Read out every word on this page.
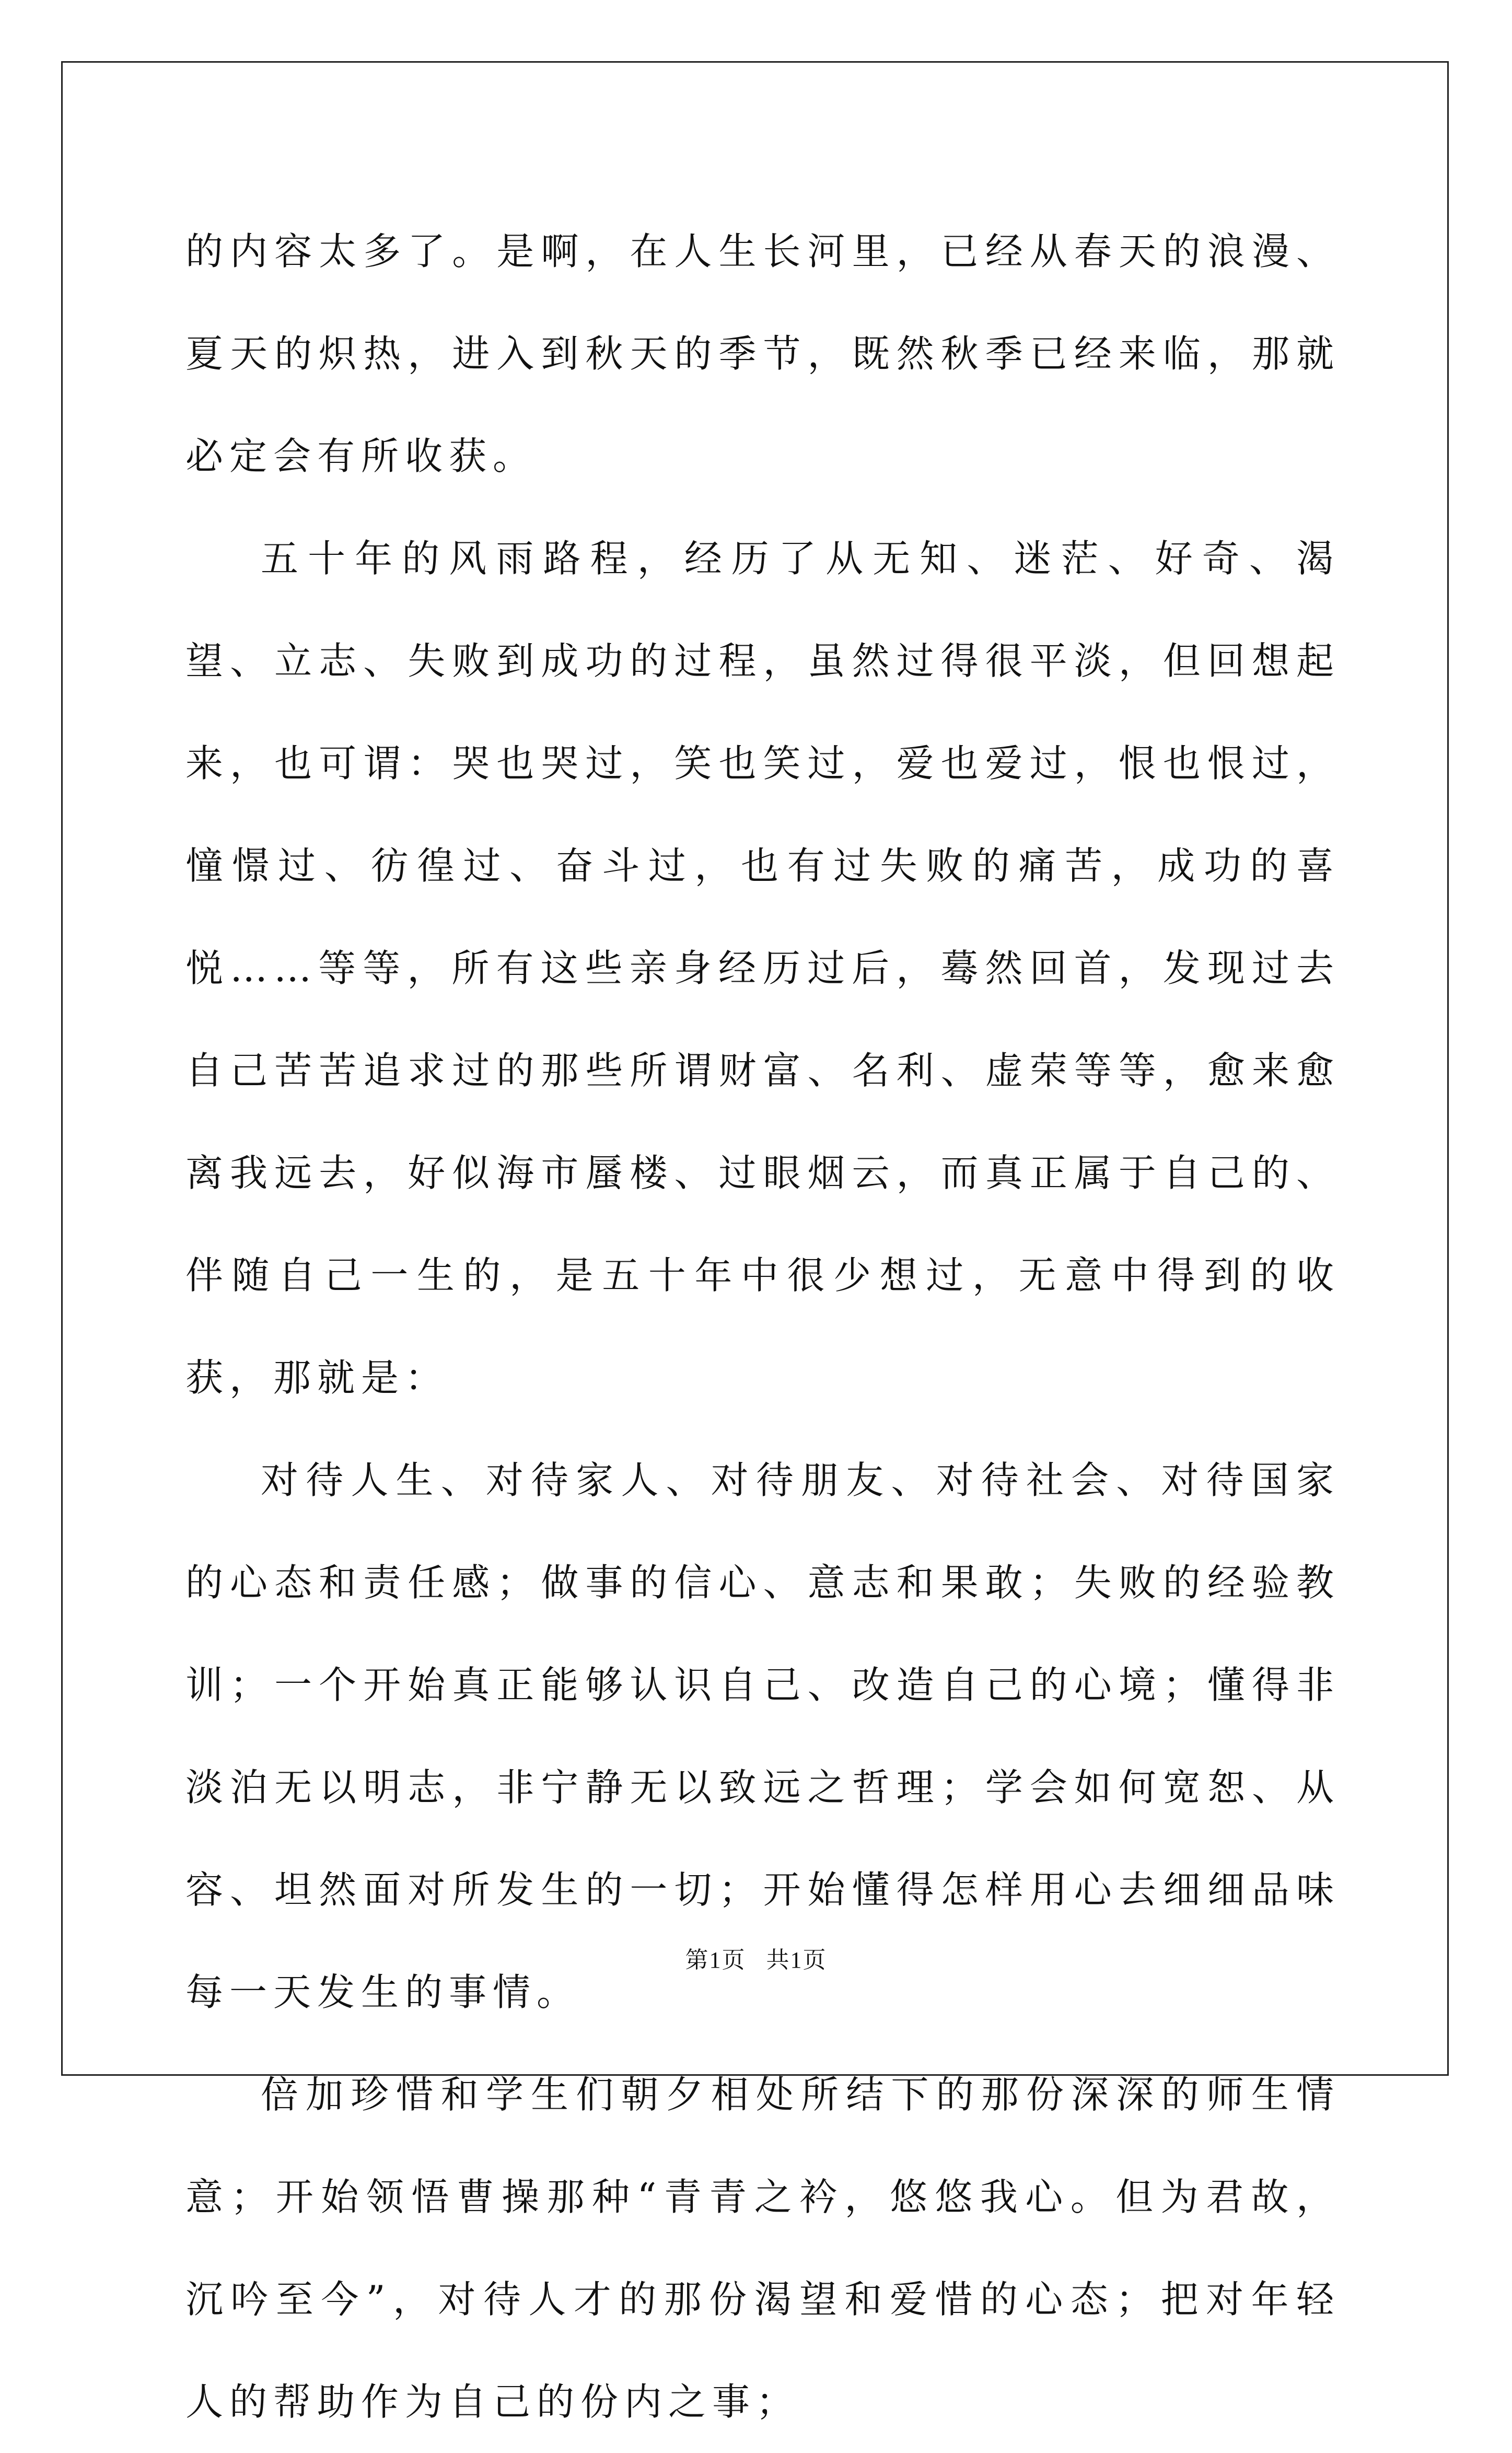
的内容太多了。是啊，在人生长河里，已经从春天的浪漫、夏天的炽热，进入到秋天的季节，既然秋季已经来临，那就必定会有所收获。

五十年的风雨路程，经历了从无知、迷茫、好奇、渴望、立志、失败到成功的过程，虽然过得很平淡，但回想起来，也可谓：哭也哭过，笑也笑过，爱也爱过，恨也恨过，憧憬过、彷徨过、奋斗过，也有过失败的痛苦，成功的喜悦……等等，所有这些亲身经历过后，蓦然回首，发现过去自己苦苦追求过的那些所谓财富、名利、虚荣等等，愈来愈离我远去，好似海市蜃楼、过眼烟云，而真正属于自己的、伴随自己一生的，是五十年中很少想过，无意中得到的收获，那就是：

对待人生、对待家人、对待朋友、对待社会、对待国家的心态和责任感；做事的信心、意志和果敢；失败的经验教训；一个开始真正能够认识自己、改造自己的心境；懂得非淡泊无以明志，非宁静无以致远之哲理；学会如何宽恕、从容、坦然面对所发生的一切；开始懂得怎样用心去细细品味每一天发生的事情。

倍加珍惜和学生们朝夕相处所结下的那份深深的师生情意；开始领悟曹操那种“青青之衿，悠悠我心。但为君故，沉吟至今”，对待人才的那份渴望和爱惜的心态；把对年轻人的帮助作为自己的份内之事；

第1页 共1页
